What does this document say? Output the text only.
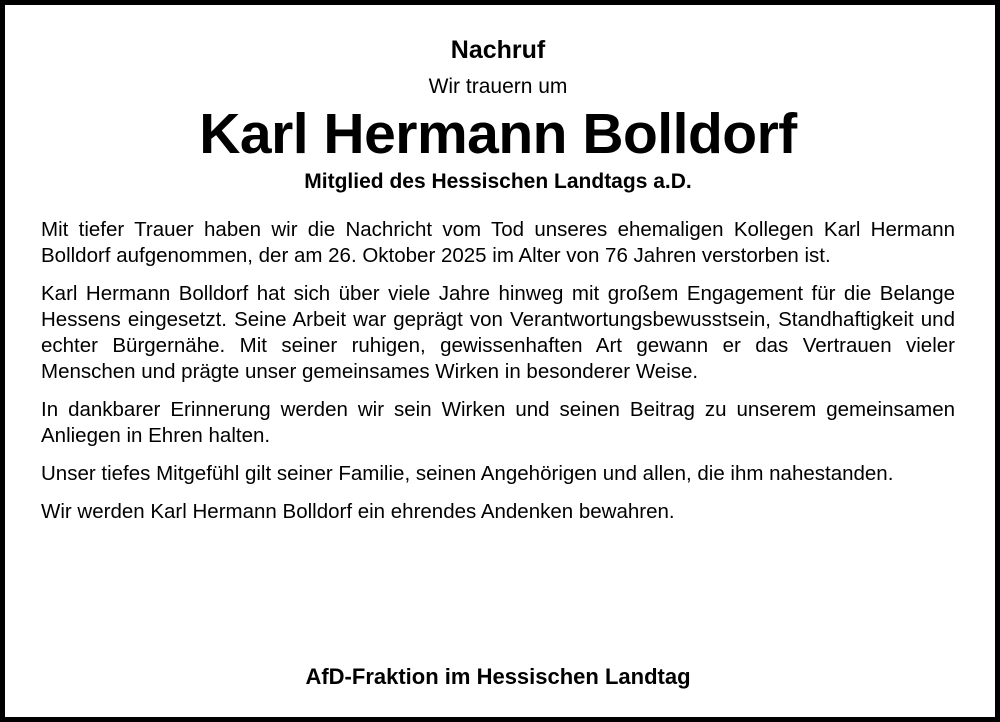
Nachruf

Wir trauern um

Karl Hermann Bolldorf

Mitglied des Hessischen Landtags a.D.

Mit tiefer Trauer haben wir die Nachricht vom Tod unseres ehemaligen Kollegen Karl Hermann Bolldorf aufgenommen, der am 26. Oktober 2025 im Alter von 76 Jahren verstorben ist.

Karl Hermann Bolldorf hat sich über viele Jahre hinweg mit großem Engagement für die Belange Hessens eingesetzt. Seine Arbeit war geprägt von Verantwortungsbewusstsein, Standhaftigkeit und echter Bürgernähe. Mit seiner ruhigen, gewissenhaften Art gewann er das Vertrauen vieler Menschen und prägte unser gemeinsames Wirken in besonderer Weise.

In dankbarer Erinnerung werden wir sein Wirken und seinen Beitrag zu unserem gemeinsamen Anliegen in Ehren halten.

Unser tiefes Mitgefühl gilt seiner Familie, seinen Angehörigen und allen, die ihm nahestanden.

Wir werden Karl Hermann Bolldorf ein ehrendes Andenken bewahren.

AfD-Fraktion im Hessischen Landtag
